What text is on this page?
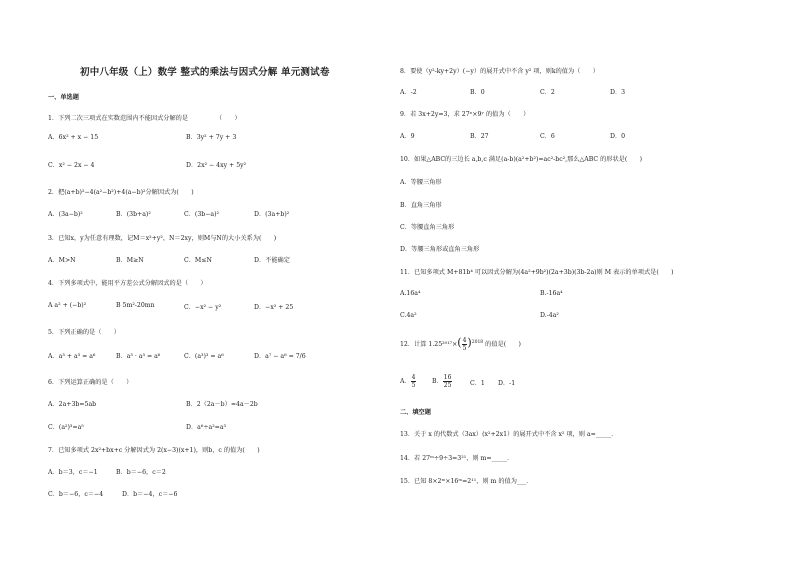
初中八年级（上）数学 整式的乘法与因式分解 单元测试卷
一、单选题
1．下列二次三项式在实数范围内不能因式分解的是　　　　　（　　）
A．6x² + x − 15	B．3y² + 7y + 3
C．x² − 2x − 4	D．2x² − 4xy + 5y²
2．把(a+b)²−4(a²−b²)+4(a−b)²分解因式为(　　)
A．(3a−b)²	B．(3b+a)²	C．(3b−a)²	D．(3a+b)²
3．已知x，y为任意有理数，记M＝x²+y²，N＝2xy，则M与N的大小关系为(　　)
A．M>N	B．M≥N	C．M≤N	D．不能确定
4．下列多项式中，能用平方差公式分解因式的是（　　）
A a² + (−b)²	B 5m²-20mn	C．−x² − y²	D．−x² + 25
5．下列正确的是（　　）
A．a³ + a³ = a⁶	B．a³ · a³ = a⁶	C．(a³)³ = a⁶	D．a⁷ − a⁶ = 7/6
6．下列运算正确的是（　　）
A．2a+3b=5ab	B．2（2a－b）=4a－2b
C．(a²)³=a⁵	D．a⁶÷a²=a³
7．已知多项式 2x²+bx+c 分解因式为 2(x−3)(x+1)，则b，c 的值为(　　)
A．b＝3，c＝−1	B．b＝−6，c＝2
C．b＝−6，c＝−4	D．b＝−4，c＝−6
8．要使（y²-ky+2y）(−y）的展开式中不含 y² 项，则k的值为（　　）
A．-2	B．0	C．2	D．3
9．若 3x+2y=3，求 27ˣ×9ʸ 的值为（　　）
A．9	B．27	C．6	D．0
10．如果△ABC的三边长 a,b,c 满足(a-b)(a²+b²)=ac²-bc²,那么△ABC 的形状是(　　)
A．等腰三角形
B．直角三角形
C．等腰直角三角形
D．等腰三角形或直角三角形
11．已知多项式 M+81b⁴ 可以因式分解为(4a²+9b²)(2a+3b)(3b-2a)则 M 表示的单项式是(　　)
A.16a⁴	B.-16a⁴
C.4a²	D.-4a²
12．计算 $1.25^{2017}\times( \frac{4}{5} )^{2018}$ 的值是(　　)
A． $\frac{4}{5}$	B． $\frac{16}{25}$	C．1 D．-1
二、填空题
13．关于 x 的代数式（3ax）(x²+2x1）的展开式中不含 x² 项，则 a=_____．
14．若 27ᵐ÷9÷3=3²¹，则 m=_____．
15．已知 8×2ᵐ×16ᵐ=2¹¹，则 m 的值为___．
